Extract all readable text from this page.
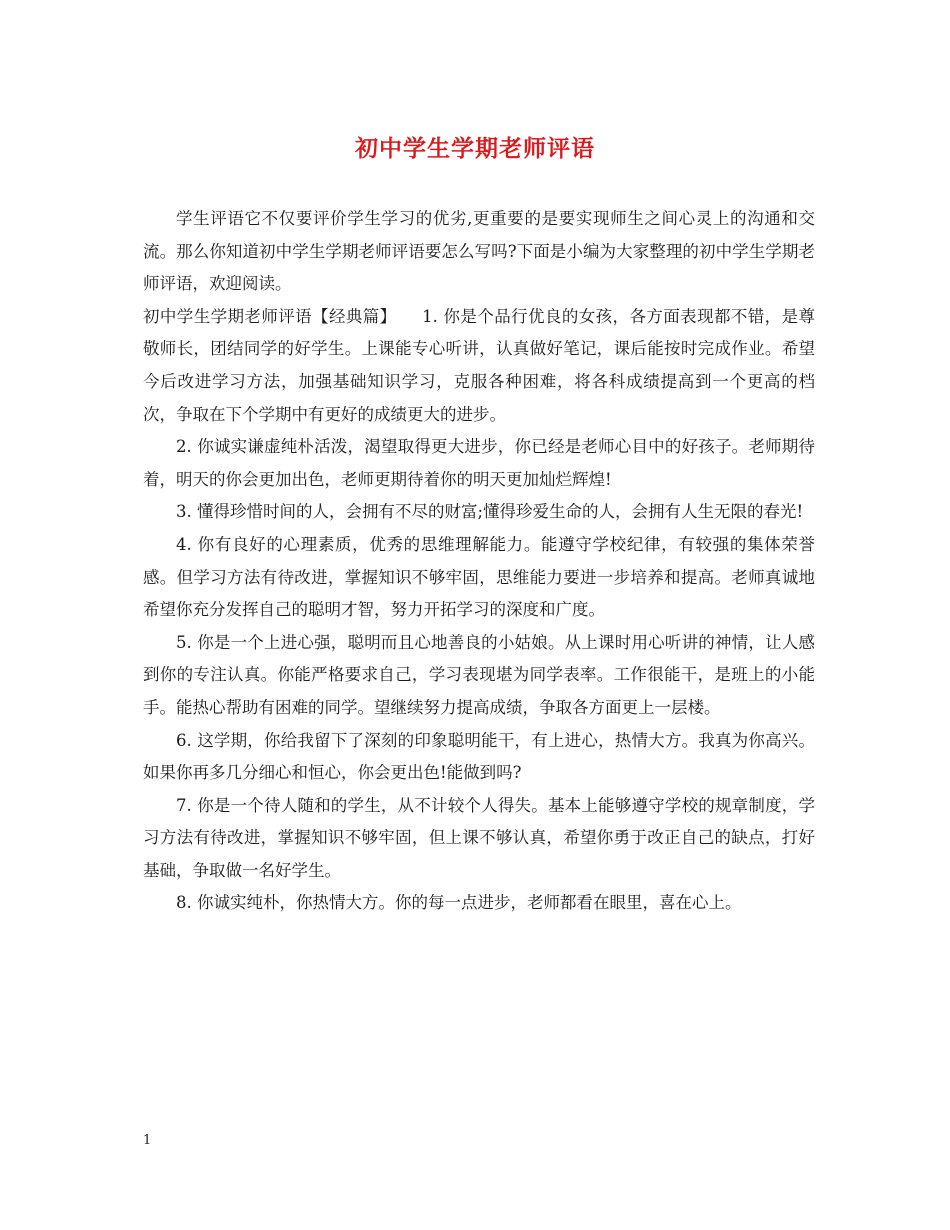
初中学生学期老师评语

学生评语它不仅要评价学生学习的优劣,更重要的是要实现师生之间心灵上的沟通和交流。那么你知道初中学生学期老师评语要怎么写吗?下面是小编为大家整理的初中学生学期老师评语，欢迎阅读。

初中学生学期老师评语【经典篇】　　1. 你是个品行优良的女孩，各方面表现都不错，是尊敬师长，团结同学的好学生。上课能专心听讲，认真做好笔记，课后能按时完成作业。希望今后改进学习方法，加强基础知识学习，克服各种困难，将各科成绩提高到一个更高的档次，争取在下个学期中有更好的成绩更大的进步。

2. 你诚实谦虚纯朴活泼，渴望取得更大进步，你已经是老师心目中的好孩子。老师期待着，明天的你会更加出色，老师更期待着你的明天更加灿烂辉煌!

3. 懂得珍惜时间的人，会拥有不尽的财富;懂得珍爱生命的人，会拥有人生无限的春光!

4. 你有良好的心理素质，优秀的思维理解能力。能遵守学校纪律，有较强的集体荣誉感。但学习方法有待改进，掌握知识不够牢固，思维能力要进一步培养和提高。老师真诚地希望你充分发挥自己的聪明才智，努力开拓学习的深度和广度。

5. 你是一个上进心强，聪明而且心地善良的小姑娘。从上课时用心听讲的神情，让人感到你的专注认真。你能严格要求自己，学习表现堪为同学表率。工作很能干，是班上的小能手。能热心帮助有困难的同学。望继续努力提高成绩，争取各方面更上一层楼。

6. 这学期，你给我留下了深刻的印象聪明能干，有上进心，热情大方。我真为你高兴。如果你再多几分细心和恒心，你会更出色!能做到吗?

7. 你是一个待人随和的学生，从不计较个人得失。基本上能够遵守学校的规章制度，学习方法有待改进，掌握知识不够牢固，但上课不够认真，希望你勇于改正自己的缺点，打好基础，争取做一名好学生。

8. 你诚实纯朴，你热情大方。你的每一点进步，老师都看在眼里，喜在心上。

1
